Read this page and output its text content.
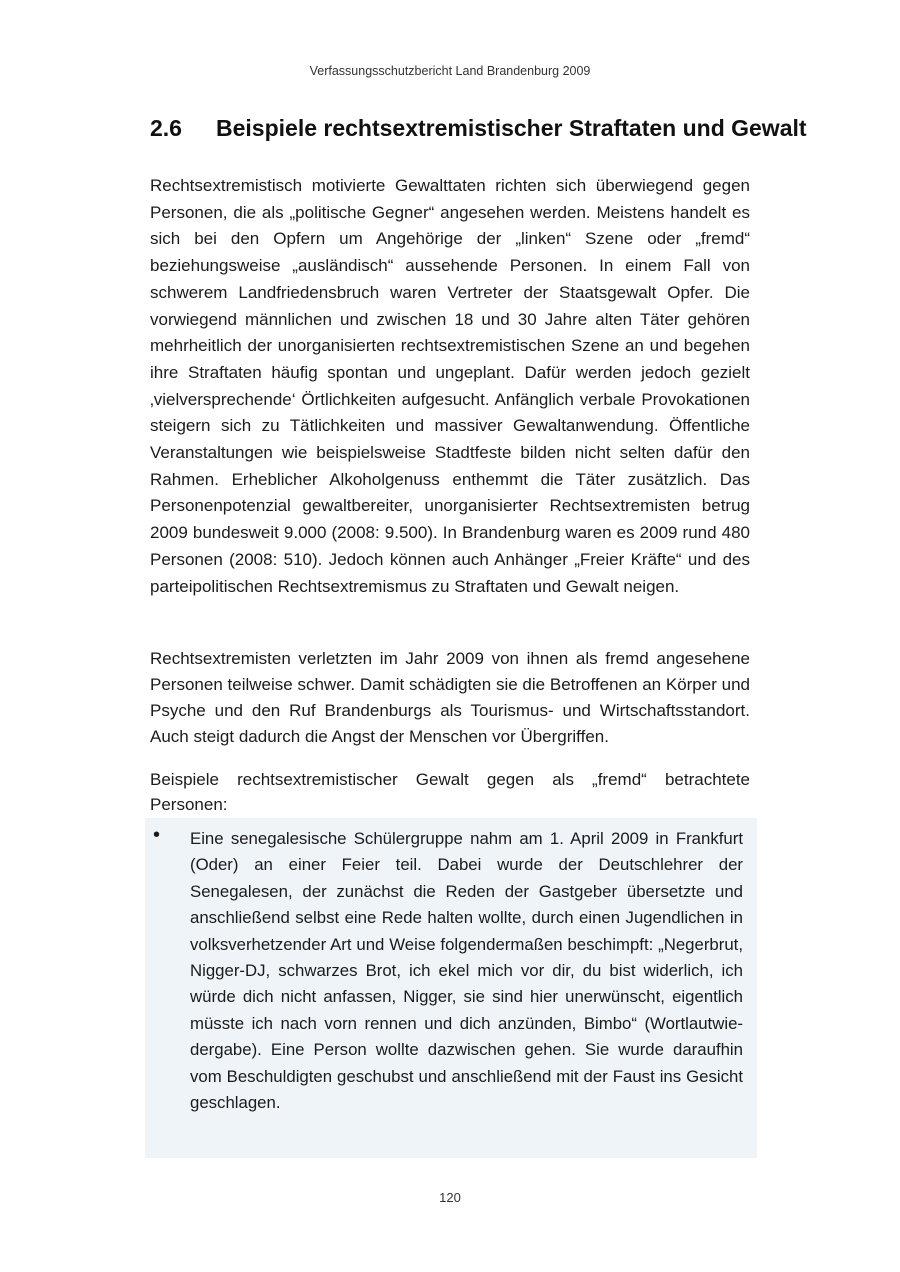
Verfassungsschutzbericht Land Brandenburg 2009
2.6 Beispiele rechtsextremistischer Straftaten und Gewalt

Rechtsextremistisch motivierte Gewalttaten richten sich überwiegend gegen Personen, die als „politische Gegner“ angesehen werden. Meistens handelt es sich bei den Opfern um Angehörige der „linken“ Szene oder „fremd“ beziehungsweise „ausländisch“ aussehende Personen. In einem Fall von schwerem Landfriedensbruch waren Vertreter der Staatsgewalt Opfer. Die vorwiegend männlichen und zwischen 18 und 30 Jahre alten Täter gehören mehrheitlich der unorganisierten rechtsextremistischen Szene an und begehen ihre Straftaten häufig spontan und ungeplant. Dafür werden jedoch gezielt ‚vielversprechende‘ Örtlichkeiten aufgesucht. Anfänglich verbale Provokationen steigern sich zu Tätlichkeiten und massiver Gewaltanwendung. Öffentliche Veranstaltungen wie beispielsweise Stadtfeste bilden nicht selten dafür den Rahmen. Erheblicher Alkoholgenuss enthemmt die Täter zusätzlich. Das Personenpotenzial gewaltbereiter, unorganisierter Rechtsextremisten betrug 2009 bundesweit 9.000 (2008: 9.500). In Brandenburg waren es 2009 rund 480 Personen (2008: 510). Jedoch können auch Anhänger „Freier Kräfte“ und des parteipolitischen Rechtsextremismus zu Straftaten und Gewalt neigen.

Rechtsextremisten verletzten im Jahr 2009 von ihnen als fremd angesehene Personen teilweise schwer. Damit schädigten sie die Betroffenen an Körper und Psyche und den Ruf Brandenburgs als Tourismus- und Wirtschaftsstandort. Auch steigt dadurch die Angst der Menschen vor Übergriffen.

Beispiele rechtsextremistischer Gewalt gegen als „fremd“ betrachtete Personen:

• Eine senegalesische Schülergruppe nahm am 1. April 2009 in Frankfurt (Oder) an einer Feier teil. Dabei wurde der Deutschlehrer der Senegalesen, der zunächst die Reden der Gastgeber übersetzte und anschließend selbst eine Rede halten wollte, durch einen Jugendlichen in volksverhetzender Art und Weise folgendermaßen beschimpft: „Negerbrut, Nigger-DJ, schwarzes Brot, ich ekel mich vor dir, du bist widerlich, ich würde dich nicht anfassen, Nigger, sie sind hier unerwünscht, eigentlich müsste ich nach vorn rennen und dich anzünden, Bimbo“ (Wortlautwiedergabe). Eine Person wollte dazwischen gehen. Sie wurde daraufhin vom Beschuldigten geschubst und anschließend mit der Faust ins Gesicht geschlagen.

120
